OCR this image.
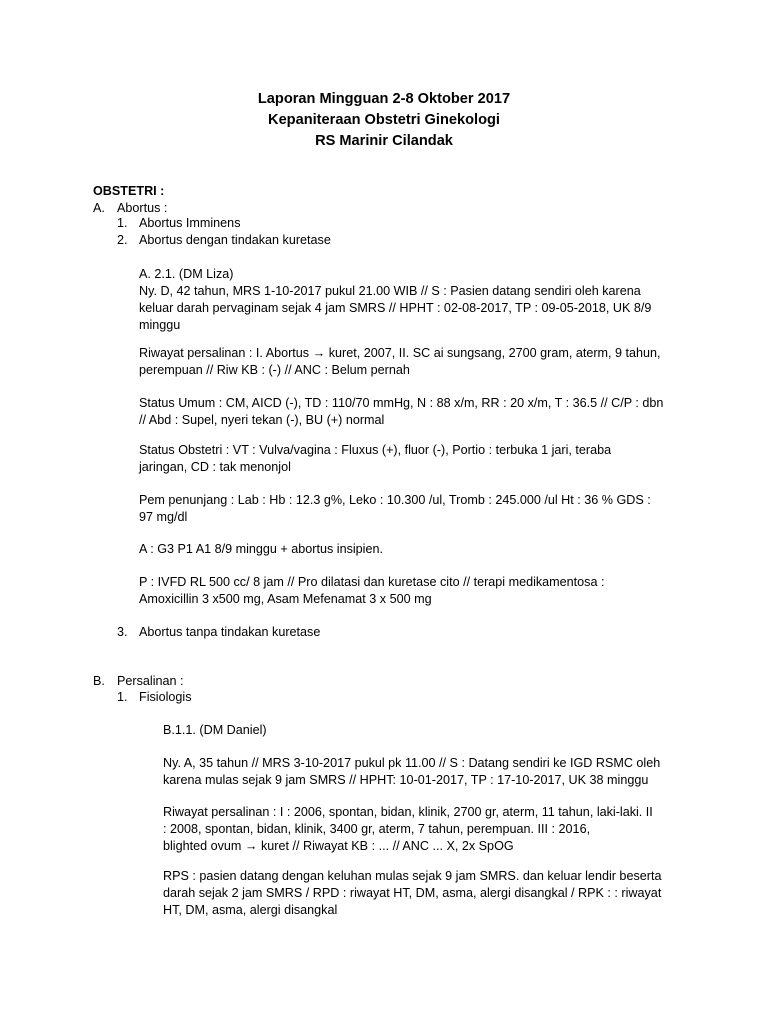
Laporan Mingguan 2-8 Oktober 2017
Kepaniteraan Obstetri Ginekologi
RS Marinir Cilandak
OBSTETRI :
A. Abortus :
1. Abortus Imminens
2. Abortus dengan tindakan kuretase
A. 2.1. (DM Liza)
Ny. D, 42 tahun, MRS 1-10-2017 pukul 21.00 WIB // S : Pasien datang sendiri oleh karena
keluar darah pervaginam sejak 4 jam SMRS // HPHT : 02-08-2017, TP : 09-05-2018, UK 8/9
minggu
Riwayat persalinan : I. Abortus → kuret, 2007, II. SC ai sungsang, 2700 gram, aterm, 9 tahun,
perempuan // Riw KB : (-) // ANC : Belum pernah
Status Umum : CM, AICD (-), TD : 110/70 mmHg, N : 88 x/m, RR : 20 x/m, T : 36.5 // C/P : dbn
// Abd : Supel, nyeri tekan (-), BU (+) normal
Status Obstetri : VT : Vulva/vagina : Fluxus (+), fluor (-), Portio : terbuka 1 jari, teraba
jaringan, CD : tak menonjol
Pem penunjang : Lab : Hb : 12.3 g%, Leko : 10.300 /ul, Tromb : 245.000 /ul Ht : 36 % GDS :
97 mg/dl
A : G3 P1 A1 8/9 minggu + abortus insipien.
P : IVFD RL 500 cc/ 8 jam // Pro dilatasi dan kuretase cito // terapi medikamentosa :
Amoxicillin 3 x500 mg, Asam Mefenamat 3 x 500 mg
3. Abortus tanpa tindakan kuretase
B. Persalinan :
1. Fisiologis
B.1.1. (DM Daniel)
Ny. A, 35 tahun // MRS 3-10-2017 pukul pk 11.00 // S : Datang sendiri ke IGD RSMC oleh
karena mulas sejak 9 jam SMRS // HPHT: 10-01-2017, TP : 17-10-2017, UK 38 minggu
Riwayat persalinan : I : 2006, spontan, bidan, klinik, 2700 gr, aterm, 11 tahun, laki-laki. II
: 2008, spontan, bidan, klinik, 3400 gr, aterm, 7 tahun, perempuan. III : 2016,
blighted ovum → kuret // Riwayat KB : ... // ANC ... X, 2x SpOG
RPS : pasien datang dengan keluhan mulas sejak 9 jam SMRS. dan keluar lendir beserta
darah sejak 2 jam SMRS / RPD : riwayat HT, DM, asma, alergi disangkal / RPK : : riwayat
HT, DM, asma, alergi disangkal
